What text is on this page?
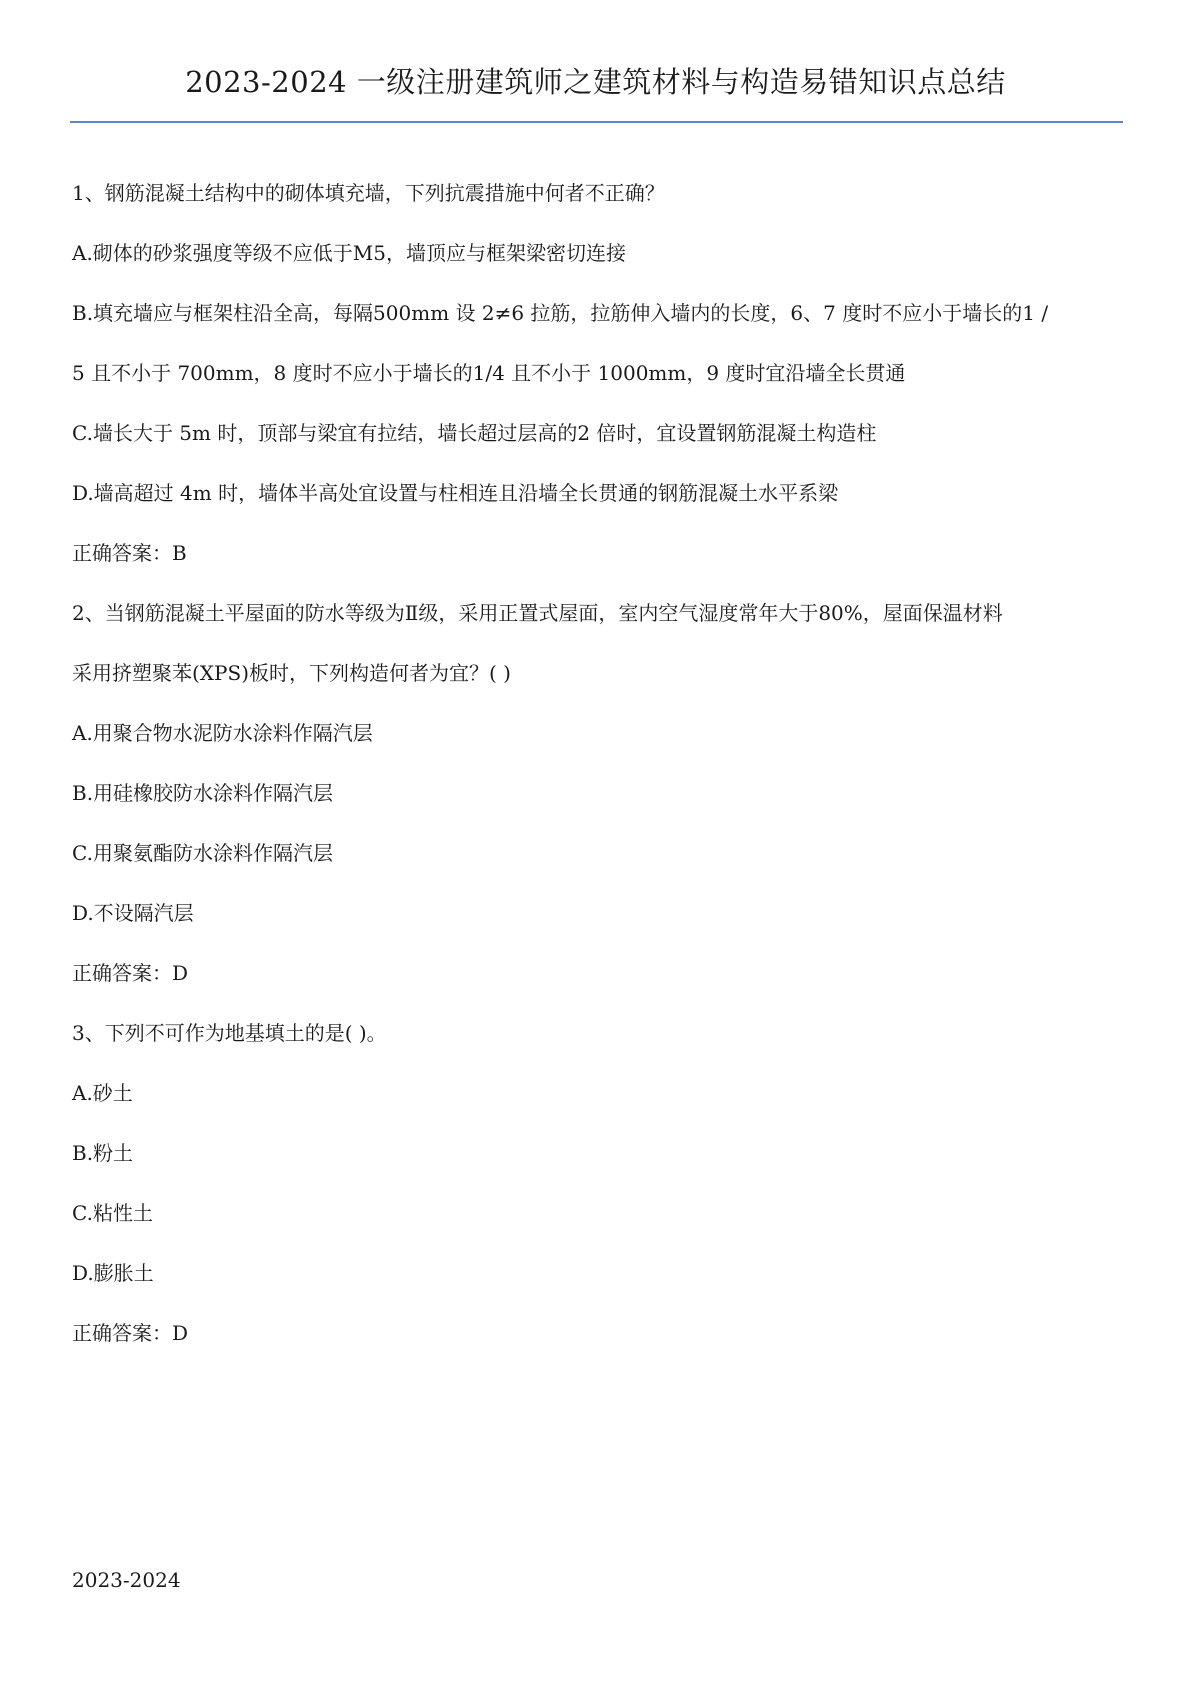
2023-2024 一级注册建筑师之建筑材料与构造易错知识点总结
1、钢筋混凝土结构中的砌体填充墙，下列抗震措施中何者不正确？
A.砌体的砂浆强度等级不应低于M5，墙顶应与框架梁密切连接
B.填充墙应与框架柱沿全高，每隔500mm 设 2≠6 拉筋，拉筋伸入墙内的长度，6、7 度时不应小于墙长的1 /
5 且不小于 700mm，8 度时不应小于墙长的1/4 且不小于 1000mm，9 度时宜沿墙全长贯通
C.墙长大于 5m 时，顶部与梁宜有拉结，墙长超过层高的2 倍时，宜设置钢筋混凝土构造柱
D.墙高超过 4m 时，墙体半高处宜设置与柱相连且沿墙全长贯通的钢筋混凝土水平系梁
正确答案：B
2、当钢筋混凝土平屋面的防水等级为Ⅱ级，采用正置式屋面，室内空气湿度常年大于80%，屋面保温材料
采用挤塑聚苯(XPS)板时，下列构造何者为宜？( )
A.用聚合物水泥防水涂料作隔汽层
B.用硅橡胶防水涂料作隔汽层
C.用聚氨酯防水涂料作隔汽层
D.不设隔汽层
正确答案：D
3、下列不可作为地基填土的是( )。
A.砂土
B.粉土
C.粘性土
D.膨胀土
正确答案：D
2023-2024
